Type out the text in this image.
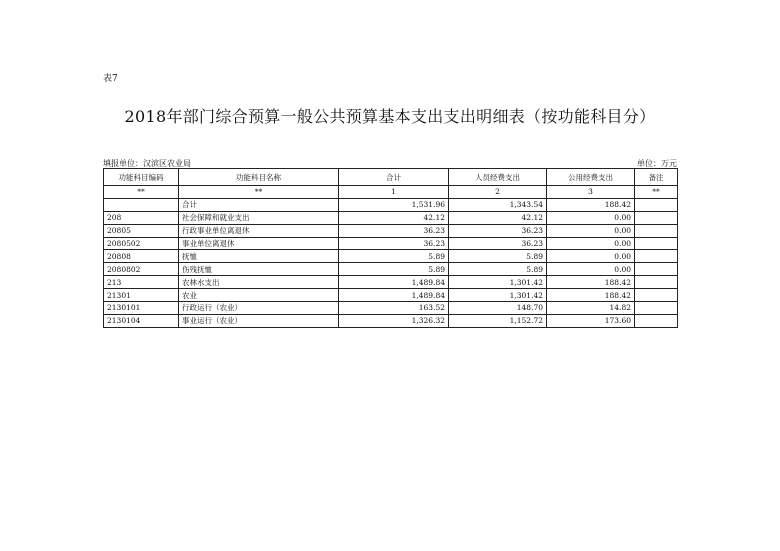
表7
2018年部门综合预算一般公共预算基本支出支出明细表（按功能科目分）
填报单位：汉滨区农业局	单位：万元
功能科目编码	功能科目名称	合计	人员经费支出	公用经费支出	备注
**	**	1	2	3	**
	合计	1,531.96	1,343.54	188.42	
208	社会保障和就业支出	42.12	42.12	0.00	
20805	行政事业单位离退休	36.23	36.23	0.00	
2080502	事业单位离退休	36.23	36.23	0.00	
20808	抚恤	5.89	5.89	0.00	
2080802	伤残抚恤	5.89	5.89	0.00	
213	农林水支出	1,489.84	1,301.42	188.42	
21301	农业	1,489.84	1,301.42	188.42	
2130101	行政运行（农业）	163.52	148.70	14.82	
2130104	事业运行（农业）	1,326.32	1,152.72	173.60	
